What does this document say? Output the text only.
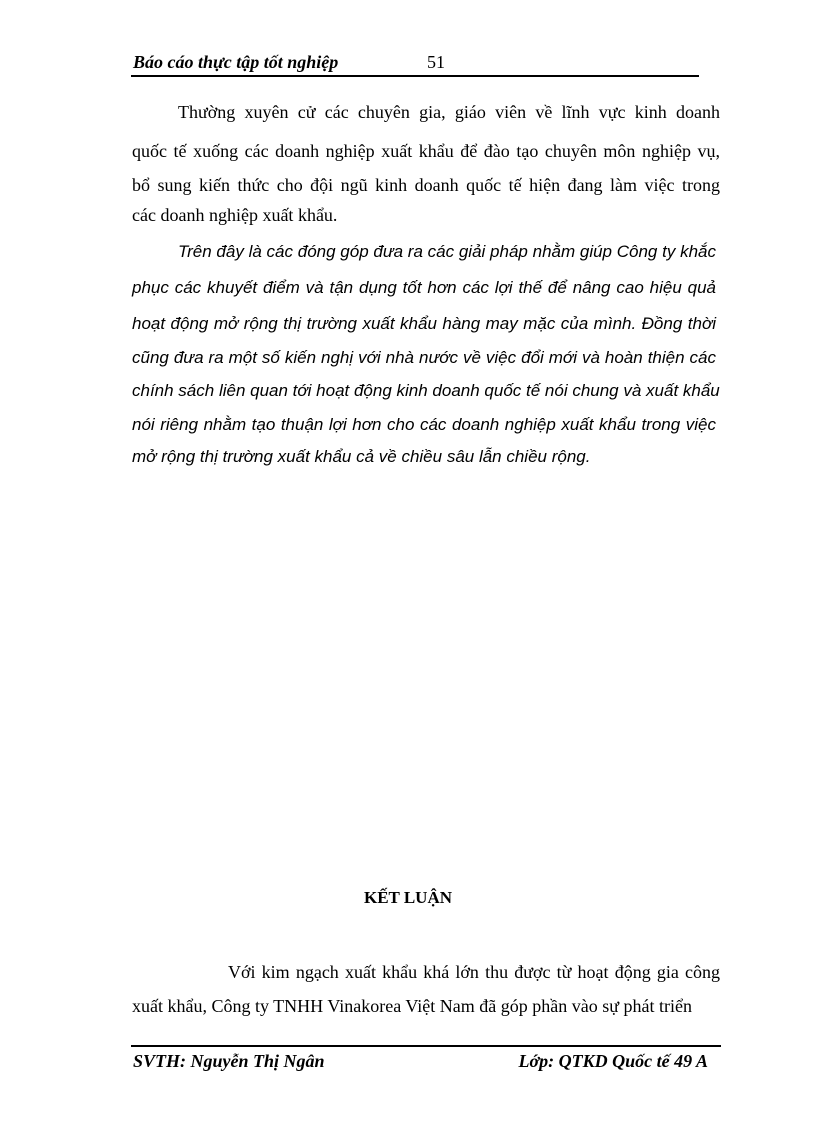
Báo cáo thực tập tốt nghiệp	51
Thường xuyên cử các chuyên gia, giáo viên về lĩnh vực kinh doanh
quốc tế xuống các doanh nghiệp xuất khẩu để đào tạo chuyên môn nghiệp vụ,
bổ sung kiến thức cho đội ngũ kinh doanh quốc tế hiện đang làm việc trong
các doanh nghiệp xuất khẩu.
Trên đây là các đóng góp đưa ra các giải pháp nhằm giúp Công ty khắc
phục các khuyết điểm và tận dụng tốt hơn các lợi thế để nâng cao hiệu quả
hoạt động mở rộng thị trường xuất khẩu hàng may mặc của mình. Đồng thời
cũng đưa ra một số kiến nghị với nhà nước về việc đổi mới và hoàn thiện các
chính sách liên quan tới hoạt động kinh doanh quốc tế nói chung và xuất khẩu
nói riêng nhằm tạo thuận lợi hơn cho các doanh nghiệp xuất khẩu trong việc
mở rộng thị trường xuất khẩu cả về chiều sâu lẫn chiều rộng.
KẾT LUẬN
Với kim ngạch xuất khẩu khá lớn thu được từ hoạt động gia công
xuất khẩu, Công ty TNHH Vinakorea Việt Nam đã góp phần vào sự phát triển
SVTH: Nguyễn Thị Ngân	Lớp: QTKD Quốc tế 49 A
